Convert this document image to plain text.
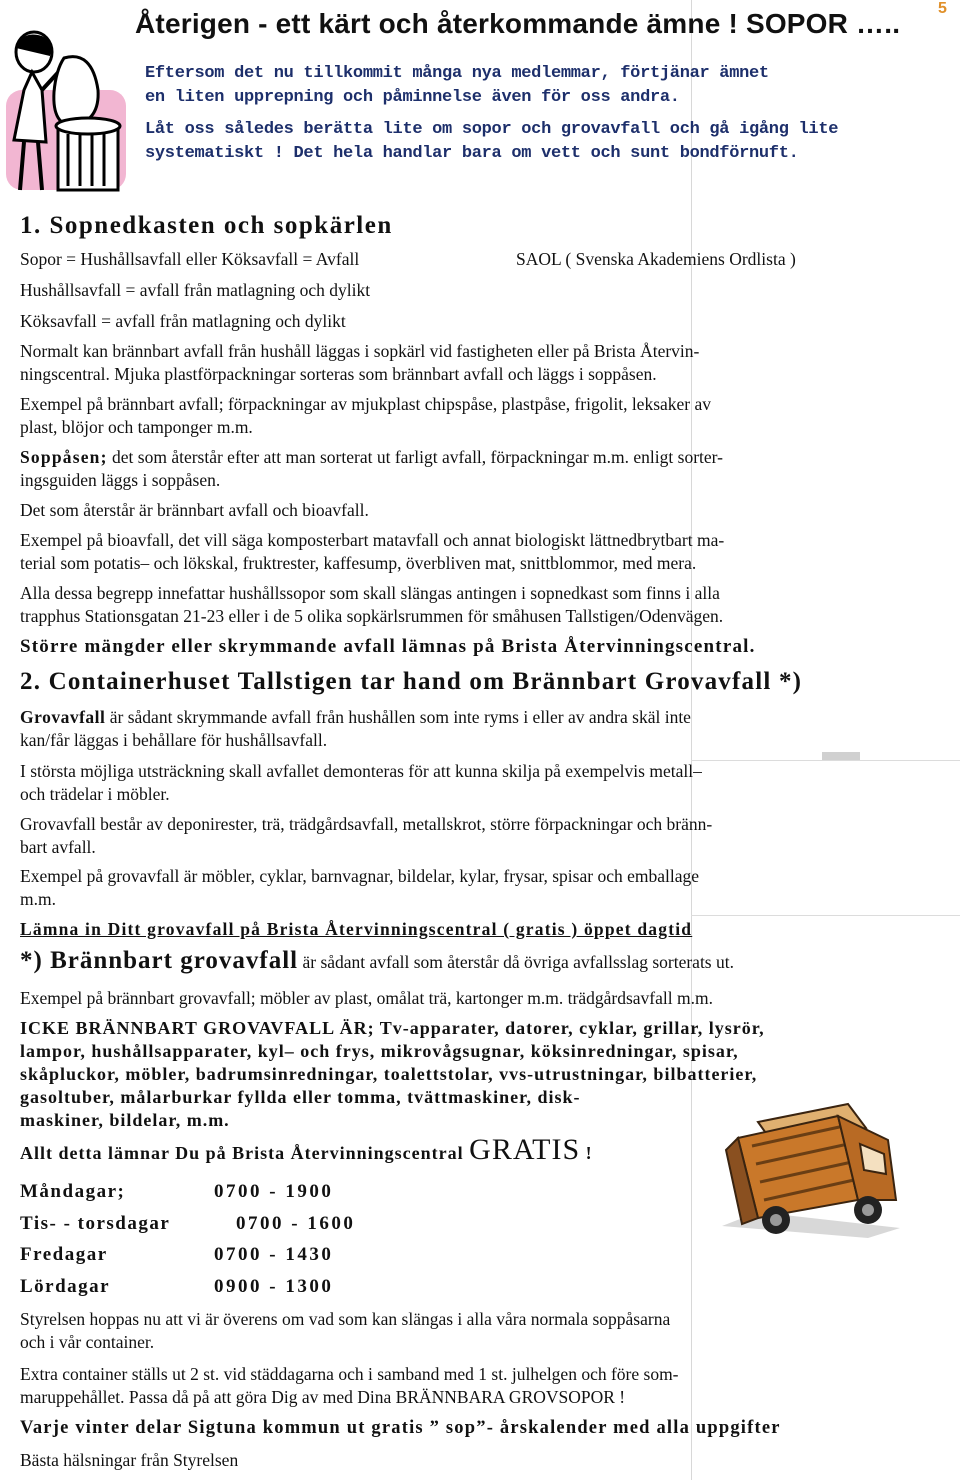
Återigen - ett kärt och återkommande ämne ! SOPOR ….. 5
Eftersom det nu tillkommit många nya medlemmar, förtjänar ämnet
en liten upprepning och påminnelse även för oss andra.
Låt oss således berätta lite om sopor och grovavfall och gå igång lite
systematiskt ! Det hela handlar bara om vett och sunt bondförnuft.
1. Sopnedkasten och sopkärlen
Sopor = Hushållsavfall eller Köksavfall = Avfall	SAOL ( Svenska Akademiens Ordlista )
Hushållsavfall = avfall från matlagning och dylikt
Köksavfall = avfall från matlagning och dylikt
Normalt kan brännbart avfall från hushåll läggas i sopkärl vid fastigheten eller på Brista Återvin-
ningscentral. Mjuka plastförpackningar sorteras som brännbart avfall och läggs i soppåsen.
Exempel på brännbart avfall; förpackningar av mjukplast chipspåse, plastpåse, frigolit, leksaker av
plast, blöjor och tamponger m.m.
Soppåsen; det som återstår efter att man sorterat ut farligt avfall, förpackningar m.m. enligt sorter-
ingsguiden läggs i soppåsen.
Det som återstår är brännbart avfall och bioavfall.
Exempel på bioavfall, det vill säga komposterbart matavfall och annat biologiskt lättnedbrytbart ma-
terial som potatis– och lökskal, fruktrester, kaffesump, överbliven mat, snittblommor, med mera.
Alla dessa begrepp innefattar hushållssopor som skall slängas antingen i sopnedkast som finns i alla
trapphus Stationsgatan 21-23 eller i de 5 olika sopkärlsrummen för småhusen Tallstigen/Odenvägen.
Större mängder eller skrymmande avfall lämnas på Brista Återvinningscentral.
2. Containerhuset Tallstigen tar hand om Brännbart Grovavfall *)
Grovavfall är sådant skrymmande avfall från hushållen som inte ryms i eller av andra skäl inte
kan/får läggas i behållare för hushållsavfall.
I största möjliga utsträckning skall avfallet demonteras för att kunna skilja på exempelvis metall–
och trädelar i möbler.
Grovavfall består av deponirester, trä, trädgårdsavfall, metallskrot, större förpackningar och bränn-
bart avfall.
Exempel på grovavfall är möbler, cyklar, barnvagnar, bildelar, kylar, frysar, spisar och emballage
m.m.
Lämna in Ditt grovavfall på Brista Återvinningscentral ( gratis ) öppet dagtid
*) Brännbart grovavfall är sådant avfall som återstår då övriga avfallsslag sorterats ut.
Exempel på brännbart grovavfall; möbler av plast, omålat trä, kartonger m.m. trädgårdsavfall m.m.
ICKE BRÄNNBART GROVAVFALL ÄR; Tv-apparater, datorer, cyklar, grillar, lysrör,
lampor, hushållsapparater, kyl– och frys, mikrovågsugnar, köksinredningar, spisar,
skåpluckor, möbler, badrumsinredningar, toalettstolar, vvs-utrustningar, bilbatterier,
gasoltuber, målarburkar fyllda eller tomma, tvättmaskiner, disk-
maskiner, bildelar, m.m.
Allt detta lämnar Du på Brista Återvinningscentral GRATIS !
Måndagar;	0700 - 1900
Tis- - torsdagar	0700 - 1600
Fredagar	0700 - 1430
Lördagar	0900 - 1300
Styrelsen hoppas nu att vi är överens om vad som kan slängas i alla våra normala soppåsarna
och i vår container.
Extra container ställs ut 2 st. vid städdagarna och i samband med 1 st. julhelgen och före som-
maruppehållet. Passa då på att göra Dig av med Dina BRÄNNBARA GROVSOPOR !
Varje vinter delar Sigtuna kommun ut gratis ” sop”- årskalender med alla uppgifter
Bästa hälsningar från Styrelsen
